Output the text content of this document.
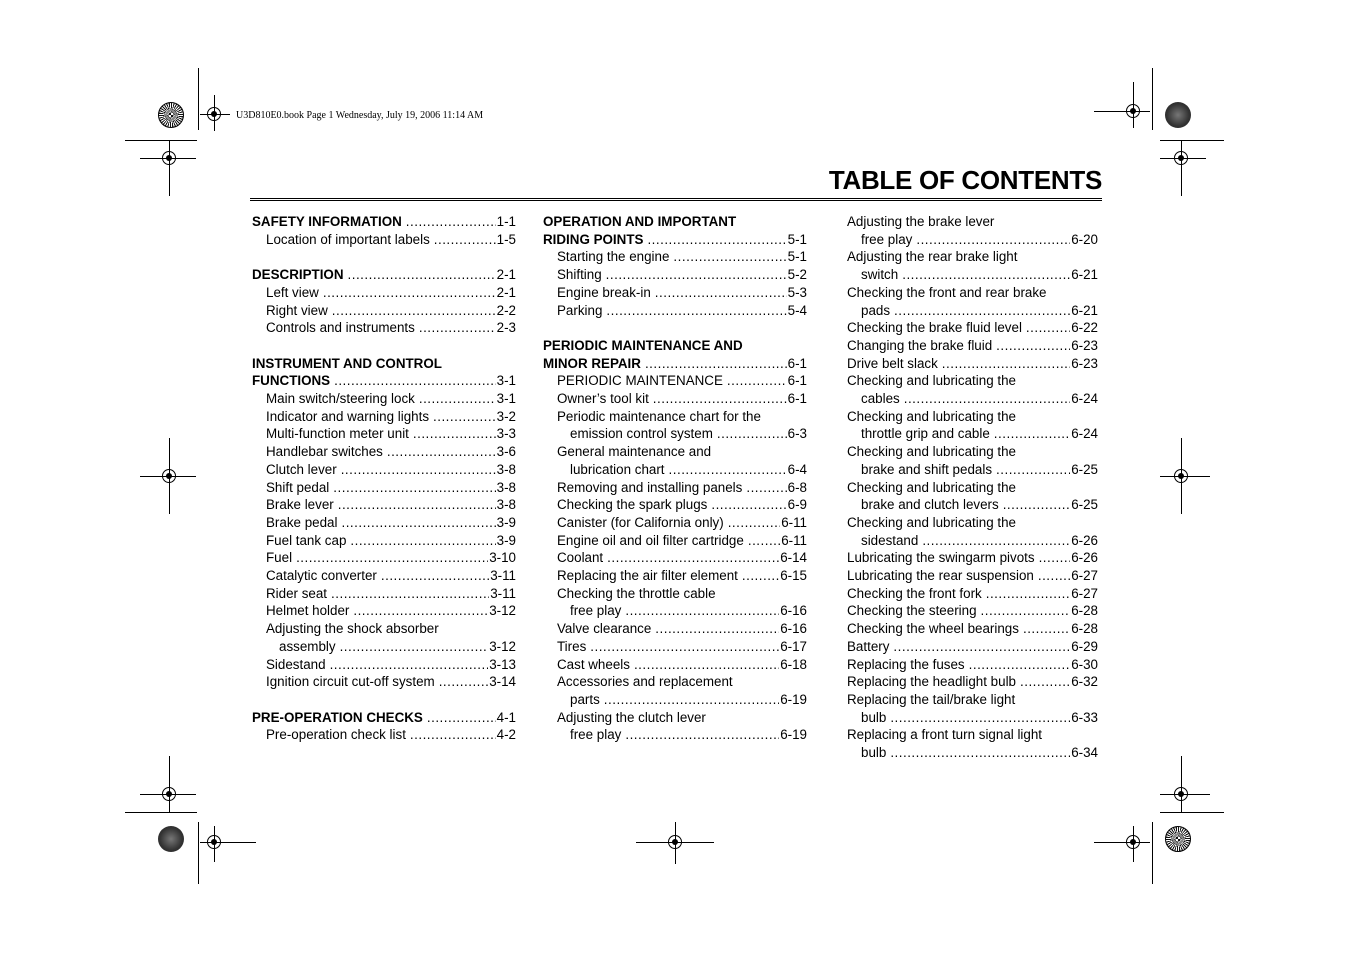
U3D810E0.book Page 1 Wednesday, July 19, 2006 11:14 AM
TABLE OF CONTENTS
SAFETY INFORMATION .....	1-1
Location of important labels .....	1-5
DESCRIPTION .....	2-1
Left view .....	2-1
Right view .....	2-2
Controls and instruments .....	2-3
INSTRUMENT AND CONTROL
FUNCTIONS .....	3-1
Main switch/steering lock .....	3-1
Indicator and warning lights .....	3-2
Multi-function meter unit .....	3-3
Handlebar switches .....	3-6
Clutch lever .....	3-8
Shift pedal .....	3-8
Brake lever .....	3-8
Brake pedal .....	3-9
Fuel tank cap .....	3-9
Fuel .....	3-10
Catalytic converter .....	3-11
Rider seat .....	3-11
Helmet holder .....	3-12
Adjusting the shock absorber
assembly .....	3-12
Sidestand .....	3-13
Ignition circuit cut-off system .....	3-14
PRE-OPERATION CHECKS .....	4-1
Pre-operation check list .....	4-2
OPERATION AND IMPORTANT
RIDING POINTS .....	5-1
Starting the engine .....	5-1
Shifting .....	5-2
Engine break-in .....	5-3
Parking .....	5-4
PERIODIC MAINTENANCE AND
MINOR REPAIR .....	6-1
PERIODIC MAINTENANCE .....	6-1
Owner’s tool kit .....	6-1
Periodic maintenance chart for the
emission control system .....	6-3
General maintenance and
lubrication chart .....	6-4
Removing and installing panels .....	6-8
Checking the spark plugs .....	6-9
Canister (for California only) .....	6-11
Engine oil and oil filter cartridge .....	6-11
Coolant .....	6-14
Replacing the air filter element .....	6-15
Checking the throttle cable
free play .....	6-16
Valve clearance .....	6-16
Tires .....	6-17
Cast wheels .....	6-18
Accessories and replacement
parts .....	6-19
Adjusting the clutch lever
free play .....	6-19
Adjusting the brake lever
free play .....	6-20
Adjusting the rear brake light
switch .....	6-21
Checking the front and rear brake
pads .....	6-21
Checking the brake fluid level .....	6-22
Changing the brake fluid .....	6-23
Drive belt slack .....	6-23
Checking and lubricating the
cables .....	6-24
Checking and lubricating the
throttle grip and cable .....	6-24
Checking and lubricating the
brake and shift pedals .....	6-25
Checking and lubricating the
brake and clutch levers .....	6-25
Checking and lubricating the
sidestand .....	6-26
Lubricating the swingarm pivots .....	6-26
Lubricating the rear suspension .....	6-27
Checking the front fork .....	6-27
Checking the steering .....	6-28
Checking the wheel bearings .....	6-28
Battery .....	6-29
Replacing the fuses .....	6-30
Replacing the headlight bulb .....	6-32
Replacing the tail/brake light
bulb .....	6-33
Replacing a front turn signal light
bulb .....	6-34
